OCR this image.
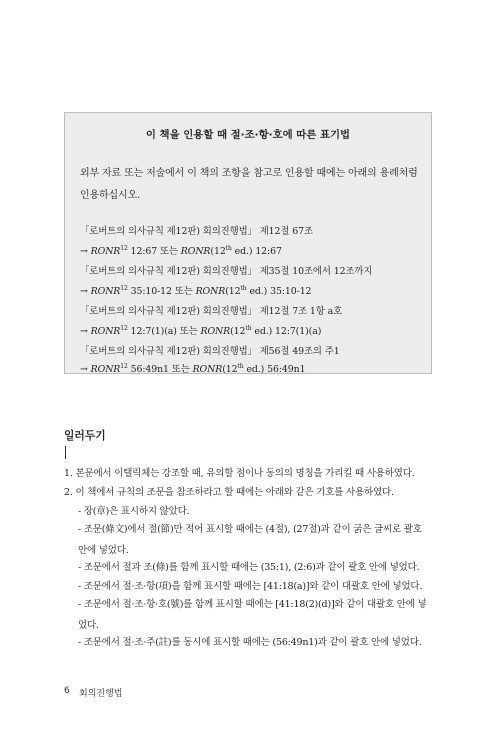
이 책을 인용할 때 절·조·항·호에 따른 표기법
외부 자료 또는 저술에서 이 책의 조항을 참고로 인용할 때에는 아래의 용례처럼 인용하십시오.
「로버트의 의사규칙 제12판) 회의진행법」 제12절 67조
→ $RONR^{12}$ 12:67 또는 RONR(12th ed.) 12:67
「로버트의 의사규칙 제12판) 회의진행법」 제35절 10조에서 12조까지
→ $RONR^{12}$ 35:10-12 또는 RONR(12th ed.) 35:10-12
「로버트의 의사규칙 제12판) 회의진행법」 제12절 7조 1항 a호
→ $RONR^{12}$ 12:7(1)(a) 또는 RONR(12th ed.) 12:7(1)(a)
「로버트의 의사규칙 제12판) 회의진행법」 제56절 49조의 주1
→ $RONR^{12}$ 56:49n1 또는 RONR(12th ed.) 56:49n1
일러두기
1. 본문에서 이탤릭체는 강조할 때, 유의할 점이나 동의의 명칭을 가리킬 때 사용하였다.
2. 이 책에서 규칙의 조문을 참조하라고 할 때에는 아래와 같은 기호를 사용하였다.
- 장(章)은 표시하지 않았다.
- 조문(條文)에서 절(節)만 적어 표시할 때에는 (4절), (27절)과 같이 굵은 글씨로 괄호 안에 넣었다.
- 조문에서 절과 조(條)를 함께 표시할 때에는 (35:1), (2:6)과 같이 괄호 안에 넣었다.
- 조문에서 절·조·항(項)을 함께 표시할 때에는 [41:18(a)]와 같이 대괄호 안에 넣었다.
- 조문에서 절·조·항·호(號)를 함께 표시할 때에는 [41:18(2)(d)]와 같이 대괄호 안에 넣었다.
- 조문에서 절·조·주(註)를 동시에 표시할 때에는 (56:49n1)과 같이 괄호 안에 넣었다.
6 회의진행법
